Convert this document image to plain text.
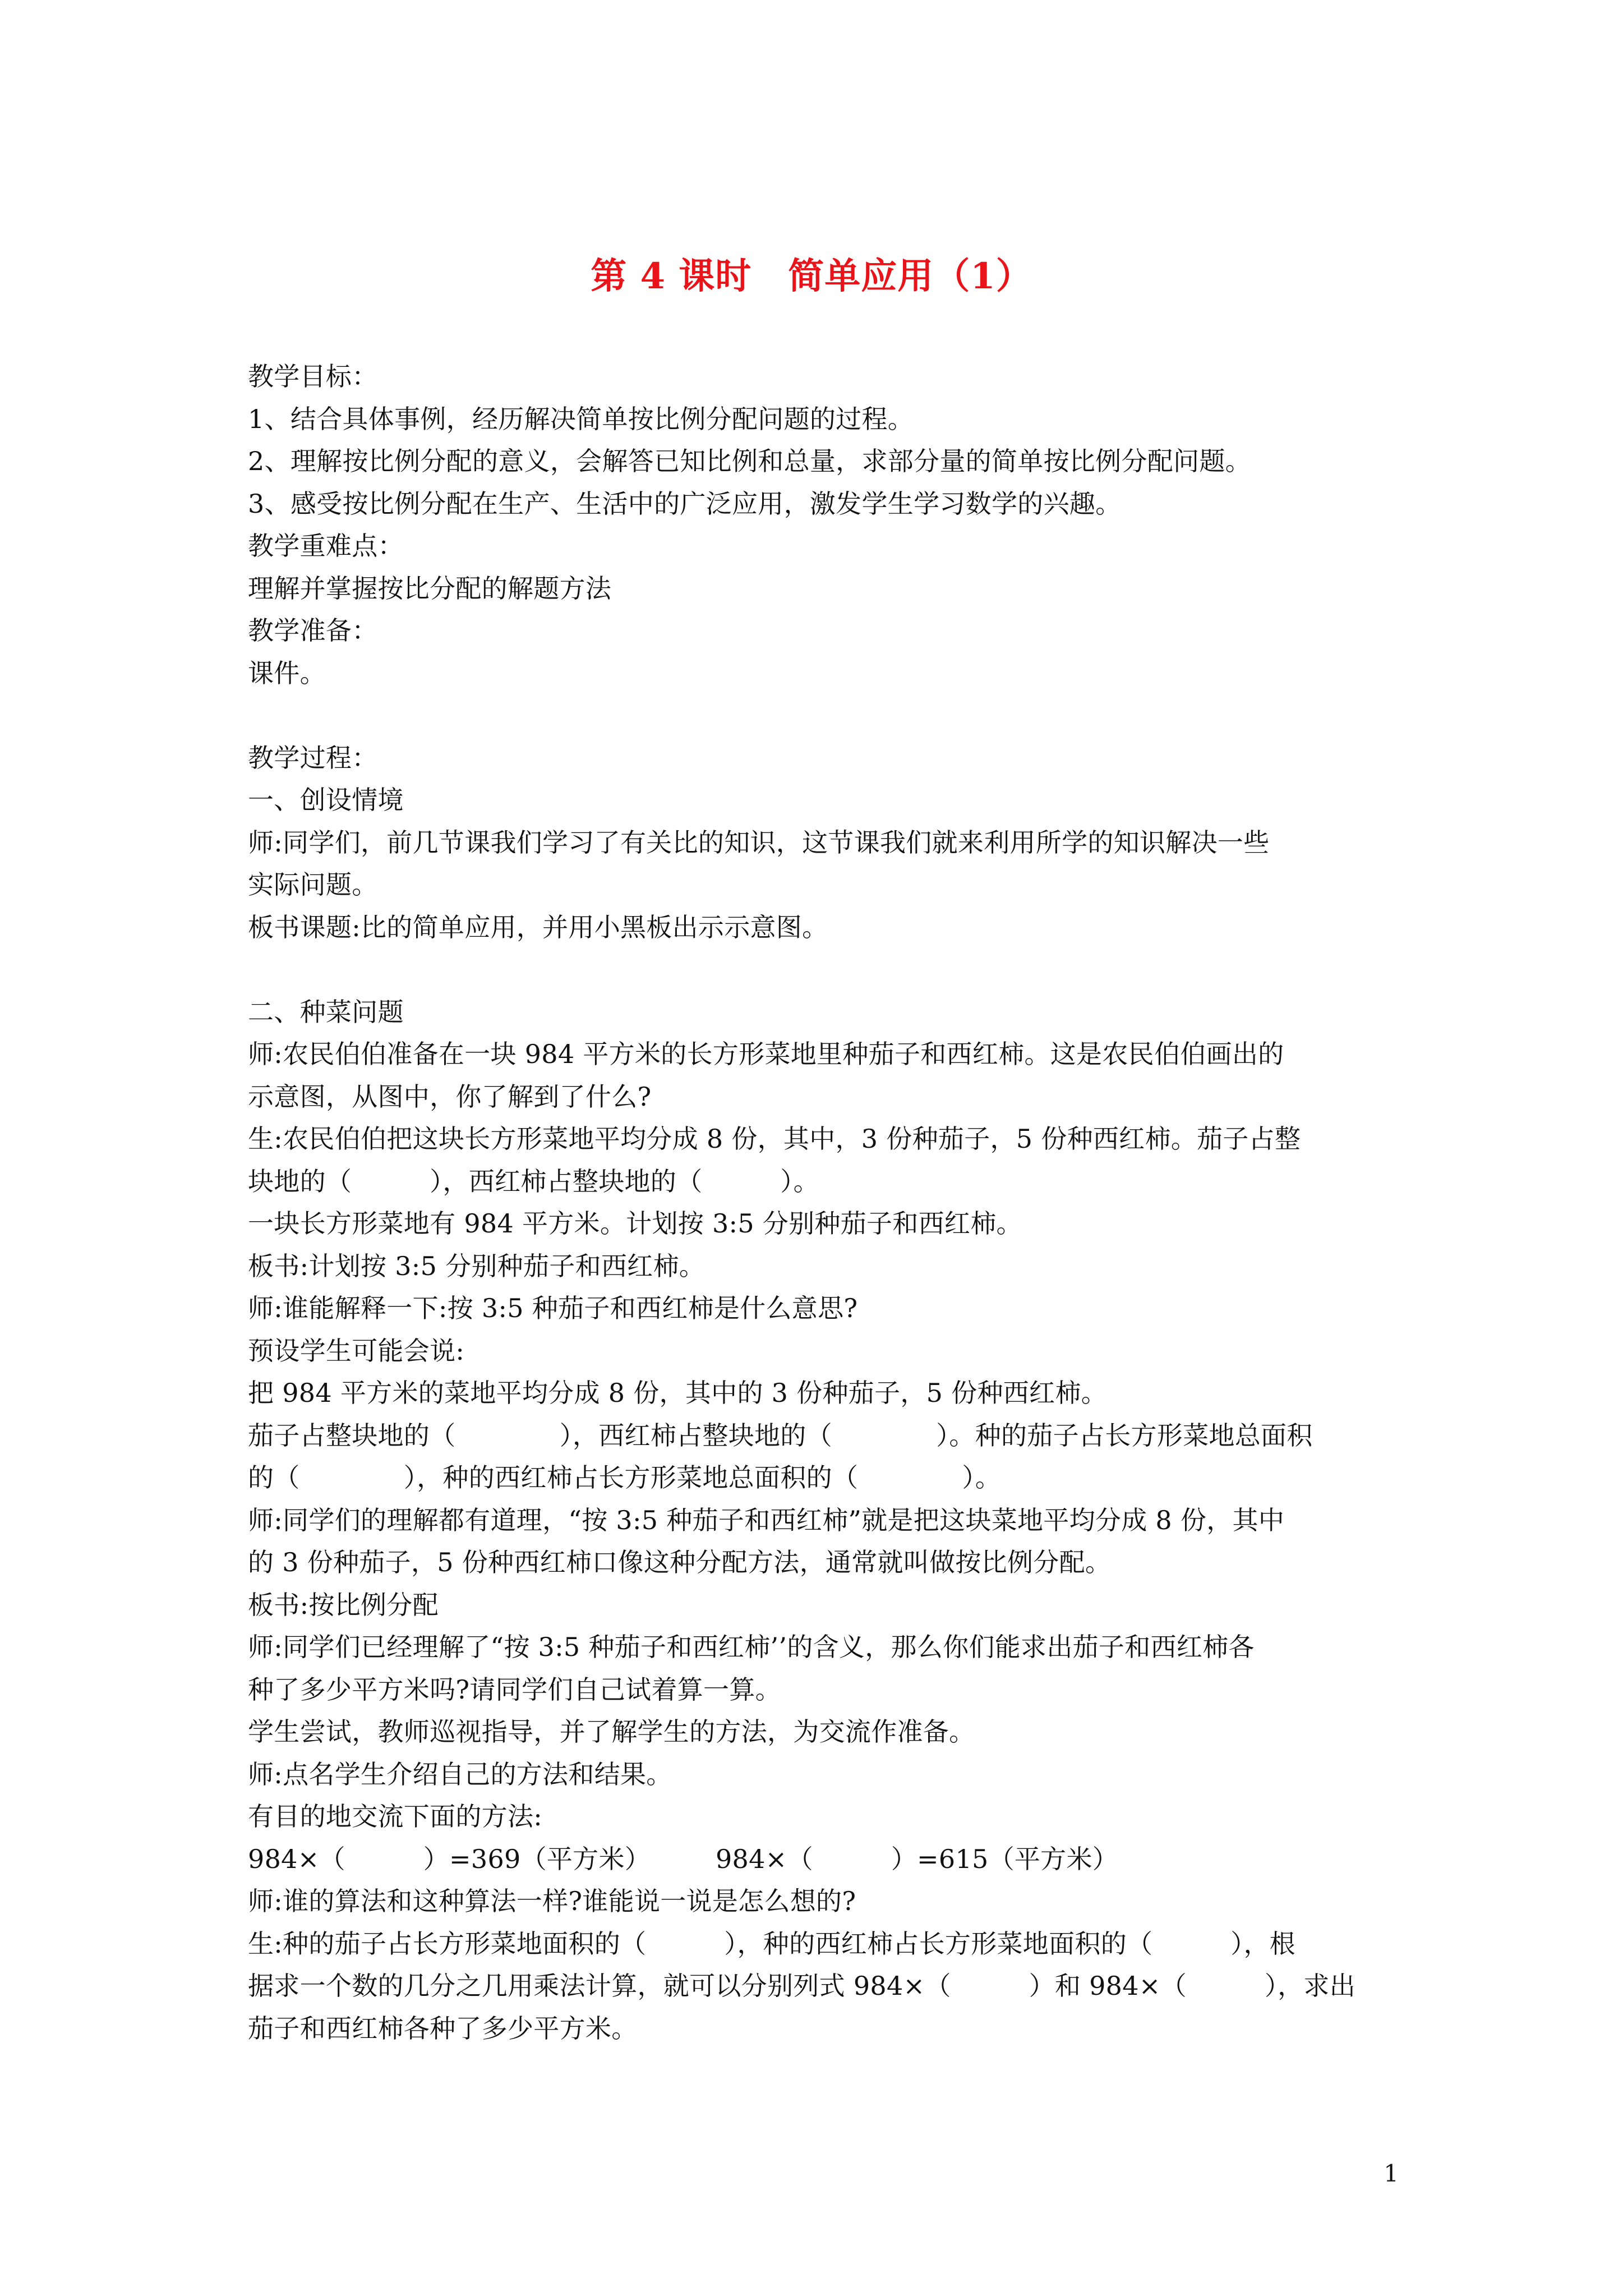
第 4 课时　简单应用（1）
教学目标：
1、结合具体事例，经历解决简单按比例分配问题的过程。
2、理解按比例分配的意义，会解答已知比例和总量，求部分量的简单按比例分配问题。
3、感受按比例分配在生产、生活中的广泛应用，激发学生学习数学的兴趣。
教学重难点：
理解并掌握按比分配的解题方法
教学准备：
课件。
教学过程：
一、创设情境
师:同学们，前几节课我们学习了有关比的知识，这节课我们就来利用所学的知识解决一些
实际问题。
板书课题:比的简单应用，并用小黑板出示示意图。
二、种菜问题
师:农民伯伯准备在一块 984 平方米的长方形菜地里种茄子和西红柿。这是农民伯伯画出的
示意图，从图中，你了解到了什么?
生:农民伯伯把这块长方形菜地平均分成 8 份，其中，3 份种茄子，5 份种西红柿。茄子占整
块地的（　　　），西红柿占整块地的（　　　）。
一块长方形菜地有 984 平方米。计划按 3:5 分别种茄子和西红柿。
板书:计划按 3:5 分别种茄子和西红柿。
师:谁能解释一下:按 3:5 种茄子和西红柿是什么意思?
预设学生可能会说:
把 984 平方米的菜地平均分成 8 份，其中的 3 份种茄子，5 份种西红柿。
茄子占整块地的（　　　　），西红柿占整块地的（　　　　）。种的茄子占长方形菜地总面积
的（　　　　），种的西红柿占长方形菜地总面积的（　　　　）。
师:同学们的理解都有道理，“按 3:5 种茄子和西红柿”就是把这块菜地平均分成 8 份，其中
的 3 份种茄子，5 份种西红柿口像这种分配方法，通常就叫做按比例分配。
板书:按比例分配
师:同学们已经理解了“按 3:5 种茄子和西红柿’’的含义，那么你们能求出茄子和西红柿各
种了多少平方米吗?请同学们自己试着算一算。
学生尝试，教师巡视指导，并了解学生的方法，为交流作准备。
师:点名学生介绍自己的方法和结果。
有目的地交流下面的方法:
984×（　　　）=369（平方米）　　　984×（　　　）=615（平方米）
师:谁的算法和这种算法一样?谁能说一说是怎么想的?
生:种的茄子占长方形菜地面积的（　　　），种的西红柿占长方形菜地面积的（　　　），根
据求一个数的几分之几用乘法计算，就可以分别列式 984×（　　　）和 984×（　　　），求出
茄子和西红柿各种了多少平方米。
1
